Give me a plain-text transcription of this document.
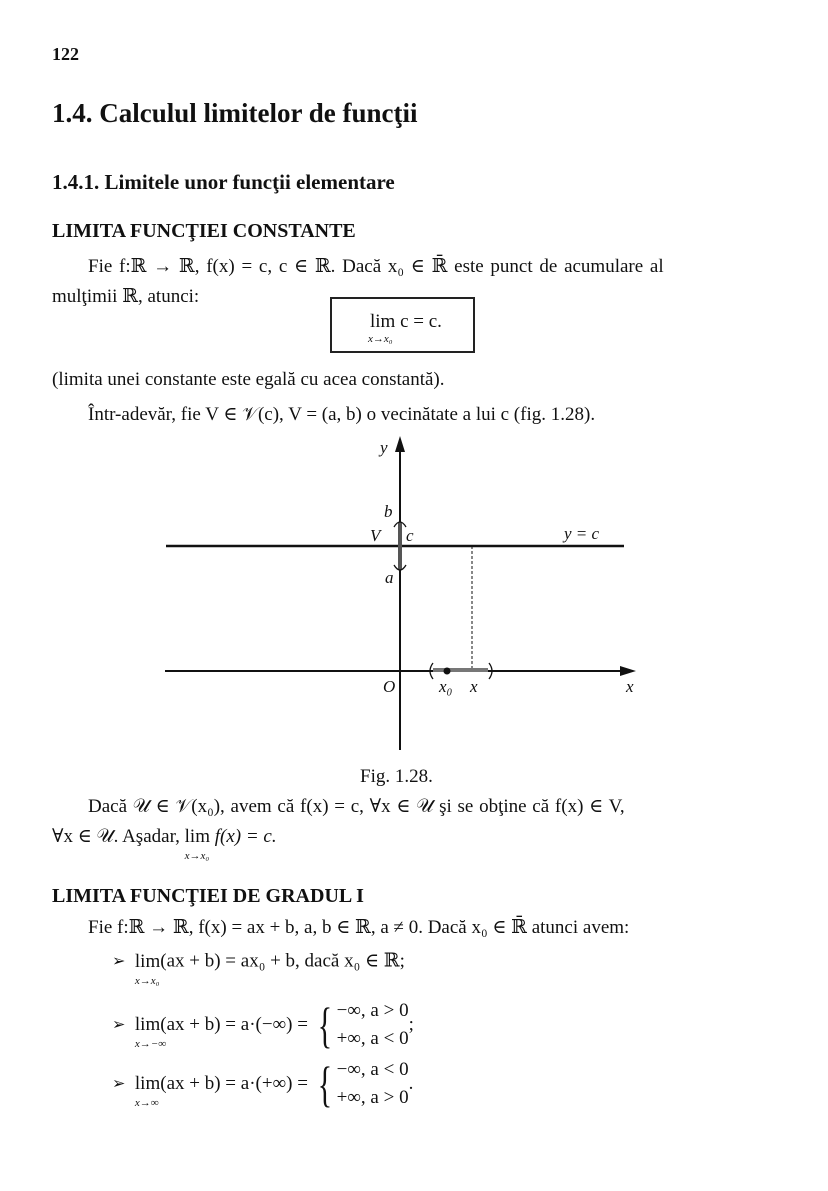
122
1.4. Calculul limitelor de funcţii
1.4.1. Limitele unor funcţii elementare
LIMITA FUNCŢIEI CONSTANTE
Fie f:ℝ → ℝ, f(x) = c, c ∈ ℝ. Dacă x₀ ∈ ℝ̄ este punct de acumulare al
mulţimii ℝ, atunci:
lim c = c.
x→x₀
(limita unei constante este egală cu acea constantă).
Într-adevăr, fie V ∈ 𝒱(c), V = (a, b) o vecinătate a lui c (fig. 1.28).
y
x
O
b
a
V c	y = c
x₀ x
Fig. 1.28.
Dacă 𝒰 ∈ 𝒱(x₀), avem că f(x) = c, ∀x ∈ 𝒰 şi se obţine că f(x) ∈ V,
∀x ∈ 𝒰. Aşadar, lim
x→x₀
f(x) = c.
LIMITA FUNCŢIEI DE GRADUL I
Fie f:ℝ → ℝ, f(x) = ax + b, a, b ∈ ℝ, a ≠ 0. Dacă x₀ ∈ ℝ̄ atunci avem:
➢ lim
x→x₀
(ax + b) = ax₀ + b, dacă x₀ ∈ ℝ;
➢ lim
x→−∞
(ax + b) = a·(−∞) = { −∞, a > 0
+∞, a < 0
;
➢ lim
x→∞
(ax + b) = a·(+∞) = { −∞, a < 0
+∞, a > 0
.
